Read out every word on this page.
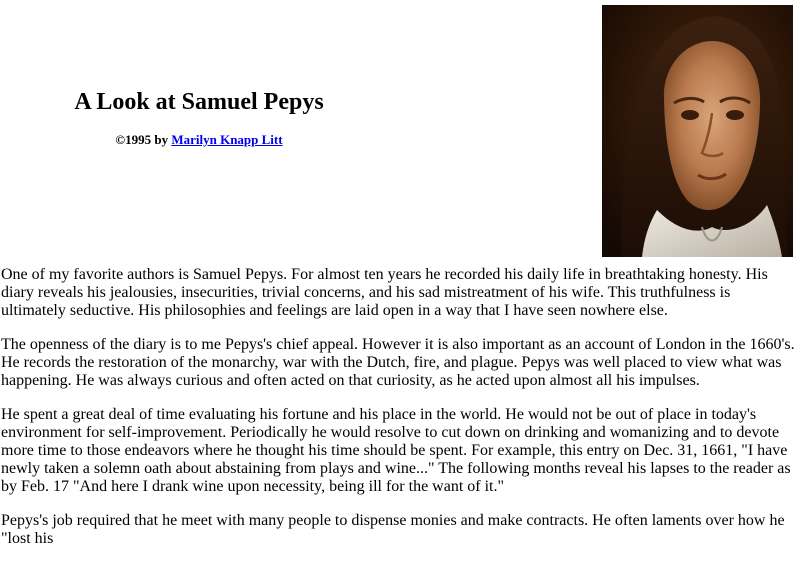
A Look at Samuel Pepys

©1995 by Marilyn Knapp Litt

One of my favorite authors is Samuel Pepys. For almost ten years he recorded his daily life in breathtaking honesty. His diary reveals his jealousies, insecurities, trivial concerns, and his sad mistreatment of his wife. This truthfulness is ultimately seductive. His philosophies and feelings are laid open in a way that I have seen nowhere else.

The openness of the diary is to me Pepys's chief appeal. However it is also important as an account of London in the 1660's. He records the restoration of the monarchy, war with the Dutch, fire, and plague. Pepys was well placed to view what was happening. He was always curious and often acted on that curiosity, as he acted upon almost all his impulses.

He spent a great deal of time evaluating his fortune and his place in the world. He would not be out of place in today's environment for self-improvement. Periodically he would resolve to cut down on drinking and womanizing and to devote more time to those endeavors where he thought his time should be spent. For example, this entry on Dec. 31, 1661, "I have newly taken a solemn oath about abstaining from plays and wine..." The following months reveal his lapses to the reader as by Feb. 17 "And here I drank wine upon necessity, being ill for the want of it."

Pepys's job required that he meet with many people to dispense monies and make contracts. He often laments over how he "lost his
